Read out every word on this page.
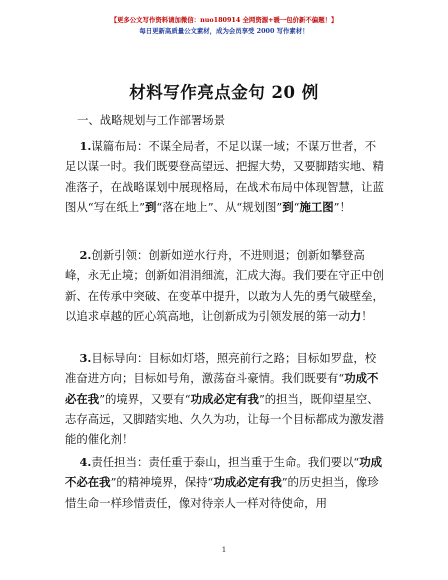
【更多公文写作资料请加微信：nuo180914 全网资源+暖一包价新不偏题！】
每日更新高质量公文素材，成为会员享受 2000 写作素材！
材料写作亮点金句 20 例
一、战略规划与工作部署场景
1.谋篇布局：不谋全局者，不足以谋一域；不谋万世者，不足以谋一时。我们既要登高望远、把握大势，又要脚踏实地、精准落子，在战略谋划中展现格局，在战术布局中体现智慧，让蓝图从“写在纸上”到“落在地上”、从“规划图”到“施工图”！
2.创新引领：创新如逆水行舟，不进则退；创新如攀登高峰，永无止境；创新如涓涓细流，汇成大海。我们要在守正中创新、在传承中突破、在变革中提升，以敢为人先的勇气破壁垒，以追求卓越的匠心筑高地，让创新成为引领发展的第一动力！
3.目标导向：目标如灯塔，照亮前行之路；目标如罗盘，校准奋进方向；目标如号角，激荡奋斗豪情。我们既要有“功成不必在我”的境界，又要有“功成必定有我”的担当，既仰望星空、志存高远，又脚踏实地、久久为功，让每一个目标都成为激发潜能的催化剂！
4.责任担当：责任重于泰山，担当重于生命。我们要以“功成不必在我”的精神境界，保持“功成必定有我”的历史担当，像珍惜生命一样珍惜责任，像对待亲人一样对待使命，用
1
